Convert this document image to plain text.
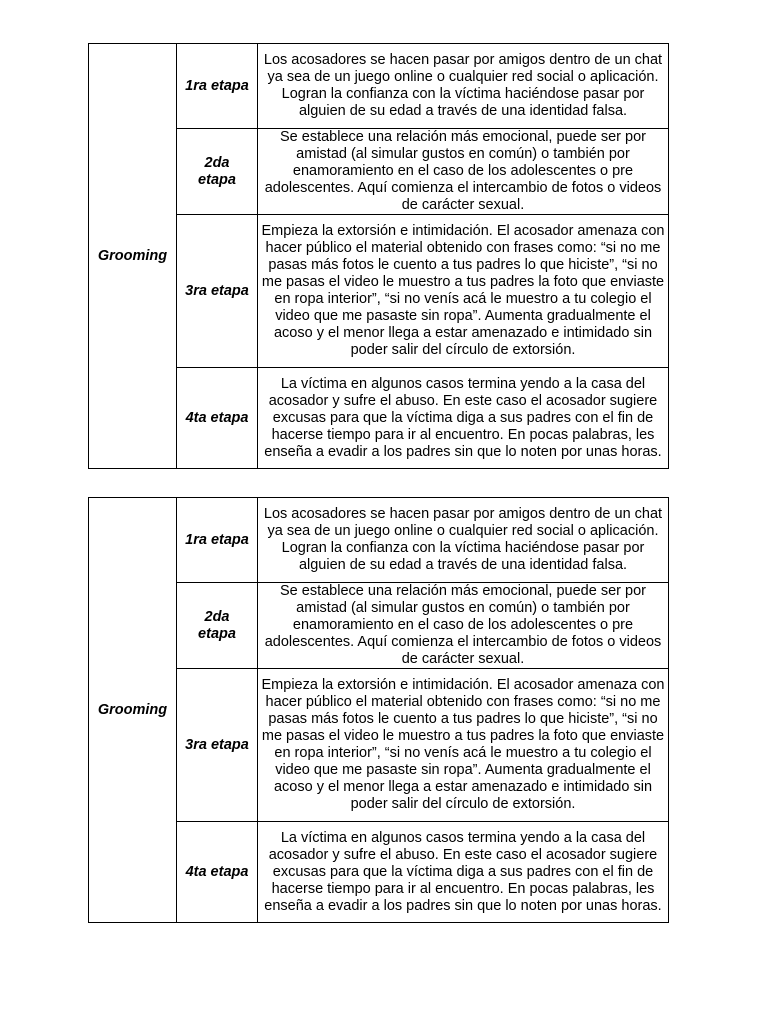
Grooming	1ra etapa	Los acosadores se hacen pasar por amigos dentro de un chat ya sea de un juego online o cualquier red social o aplicación. Logran la confianza con la víctima haciéndose pasar por alguien de su edad a través de una identidad falsa.
	2da etapa	Se establece una relación más emocional, puede ser por amistad (al simular gustos en común) o también por enamoramiento en el caso de los adolescentes o pre adolescentes. Aquí comienza el intercambio de fotos o videos de carácter sexual.
	3ra etapa	Empieza la extorsión e intimidación. El acosador amenaza con hacer público el material obtenido con frases como: “si no me pasas más fotos le cuento a tus padres lo que hiciste”, “si no me pasas el video le muestro a tus padres la foto que enviaste en ropa interior”, “si no venís acá le muestro a tu colegio el video que me pasaste sin ropa”. Aumenta gradualmente el acoso y el menor llega a estar amenazado e intimidado sin poder salir del círculo de extorsión.
	4ta etapa	La víctima en algunos casos termina yendo a la casa del acosador y sufre el abuso. En este caso el acosador sugiere excusas para que la víctima diga a sus padres con el fin de hacerse tiempo para ir al encuentro. En pocas palabras, les enseña a evadir a los padres sin que lo noten por unas horas.
Grooming	1ra etapa	Los acosadores se hacen pasar por amigos dentro de un chat ya sea de un juego online o cualquier red social o aplicación. Logran la confianza con la víctima haciéndose pasar por alguien de su edad a través de una identidad falsa.
	2da etapa	Se establece una relación más emocional, puede ser por amistad (al simular gustos en común) o también por enamoramiento en el caso de los adolescentes o pre adolescentes. Aquí comienza el intercambio de fotos o videos de carácter sexual.
	3ra etapa	Empieza la extorsión e intimidación. El acosador amenaza con hacer público el material obtenido con frases como: “si no me pasas más fotos le cuento a tus padres lo que hiciste”, “si no me pasas el video le muestro a tus padres la foto que enviaste en ropa interior”, “si no venís acá le muestro a tu colegio el video que me pasaste sin ropa”. Aumenta gradualmente el acoso y el menor llega a estar amenazado e intimidado sin poder salir del círculo de extorsión.
	4ta etapa	La víctima en algunos casos termina yendo a la casa del acosador y sufre el abuso. En este caso el acosador sugiere excusas para que la víctima diga a sus padres con el fin de hacerse tiempo para ir al encuentro. En pocas palabras, les enseña a evadir a los padres sin que lo noten por unas horas.
